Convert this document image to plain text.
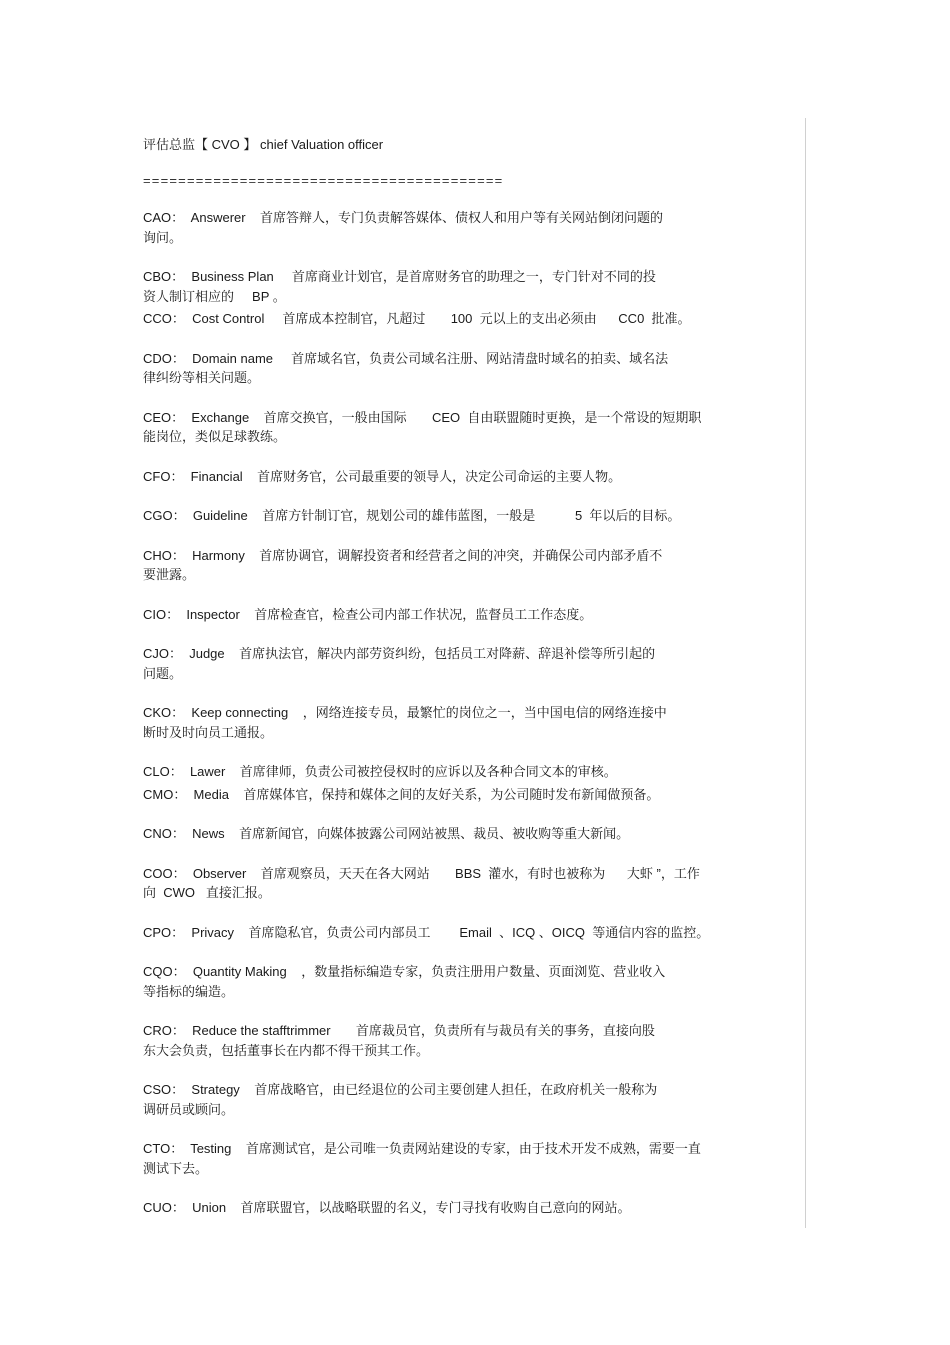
评估总监【 CVO 】 chief Valuation officer

=========================================

CAO：  Answerer    首席答辩人，专门负责解答媒体、债权人和用户等有关网站倒闭问题的
询问。

CBO：  Business Plan     首席商业计划官，是首席财务官的助理之一，专门针对不同的投
资人制订相应的     BP 。

CCO：  Cost Control     首席成本控制官，凡超过       100  元以上的支出必须由      CC0  批准。

CDO：  Domain name     首席域名官，负责公司域名注册、网站清盘时域名的拍卖、域名法
律纠纷等相关问题。

CEO：  Exchange    首席交换官，一般由国际       CEO  自由联盟随时更换，是一个常设的短期职
能岗位，类似足球教练。

CFO：  Financial    首席财务官，公司最重要的领导人，决定公司命运的主要人物。

CGO：  Guideline    首席方针制订官，规划公司的雄伟蓝图，一般是           5  年以后的目标。

CHO：  Harmony    首席协调官，调解投资者和经营者之间的冲突，并确保公司内部矛盾不
要泄露。

CIO：  Inspector    首席检查官，检查公司内部工作状况，监督员工工作态度。

CJO：  Judge    首席执法官，解决内部劳资纠纷，包括员工对降薪、辞退补偿等所引起的
问题。

CKO：  Keep connecting    ，网络连接专员，最繁忙的岗位之一，当中国电信的网络连接中
断时及时向员工通报。

CLO：  Lawer    首席律师，负责公司被控侵权时的应诉以及各种合同文本的审核。

CMO：  Media    首席媒体官，保持和媒体之间的友好关系，为公司随时发布新闻做预备。

CNO：  News    首席新闻官，向媒体披露公司网站被黑、裁员、被收购等重大新闻。

COO：  Observer    首席观察员，天天在各大网站       BBS  灌水，有时也被称为      大虾 ”，工作
向  CWO   直接汇报。

CPO：  Privacy    首席隐私官，负责公司内部员工        Email  、ICQ 、OICQ  等通信内容的监控。

CQO：  Quantity Making    ，数量指标编造专家，负责注册用户数量、页面浏览、营业收入
等指标的编造。

CRO：  Reduce the stafftrimmer       首席裁员官，负责所有与裁员有关的事务，直接向股
东大会负责，包括董事长在内都不得干预其工作。

CSO：  Strategy    首席战略官，由已经退位的公司主要创建人担任，在政府机关一般称为
调研员或顾问。

CTO：  Testing    首席测试官，是公司唯一负责网站建设的专家，由于技术开发不成熟，需要一直
测试下去。

CUO：  Union    首席联盟官，以战略联盟的名义，专门寻找有收购自己意向的网站。
